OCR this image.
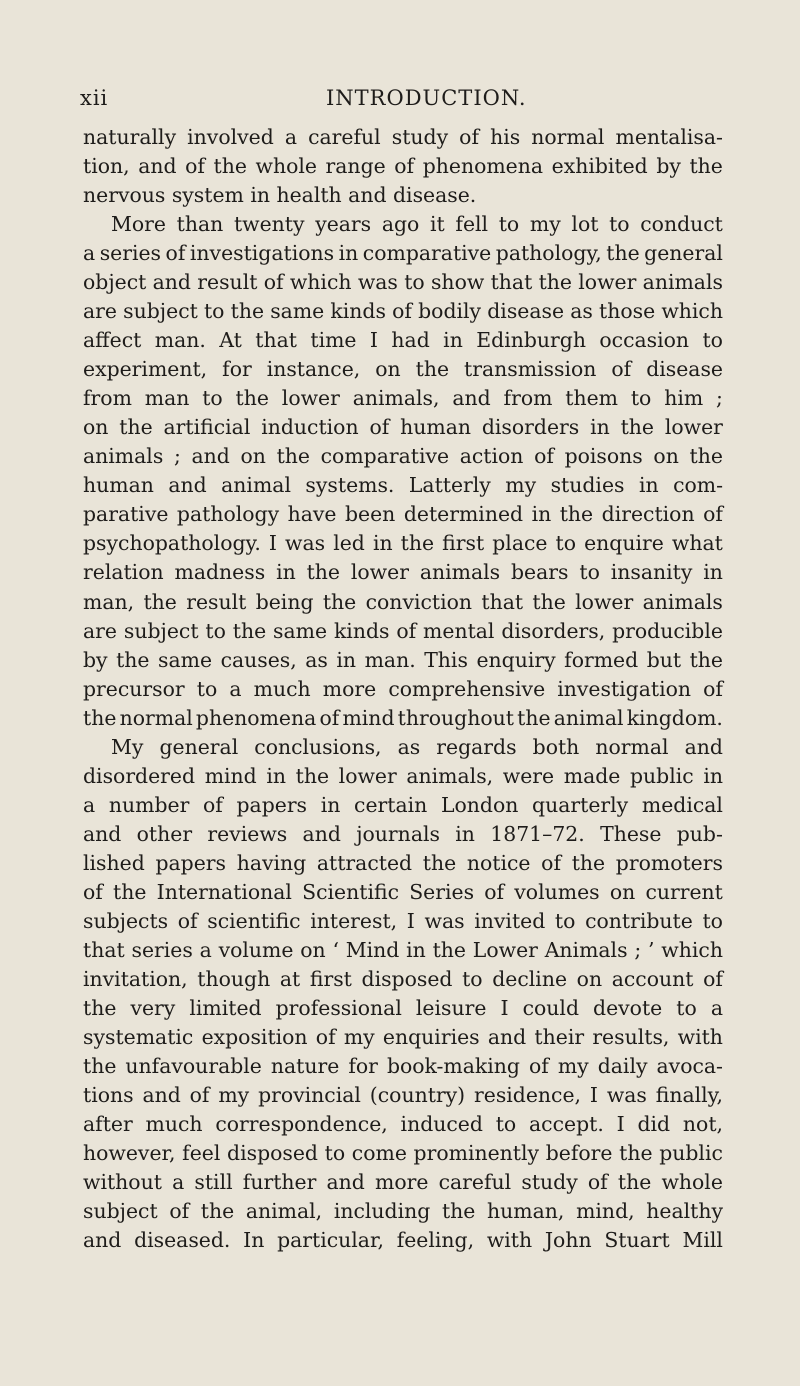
xii	INTRODUCTION.
naturally involved a careful study of his normal mentalisa-
tion, and of the whole range of phenomena exhibited by the
nervous system in health and disease.
More than twenty years ago it fell to my lot to conduct
a series of investigations in comparative pathology, the general
object and result of which was to show that the lower animals
are subject to the same kinds of bodily disease as those which
affect man. At that time I had in Edinburgh occasion to
experiment, for instance, on the transmission of disease
from man to the lower animals, and from them to him ;
on the artificial induction of human disorders in the lower
animals ; and on the comparative action of poisons on the
human and animal systems. Latterly my studies in com-
parative pathology have been determined in the direction of
psychopathology. I was led in the first place to enquire what
relation madness in the lower animals bears to insanity in
man, the result being the conviction that the lower animals
are subject to the same kinds of mental disorders, producible
by the same causes, as in man. This enquiry formed but the
precursor to a much more comprehensive investigation of
the normal phenomena of mind throughout the animal kingdom.
My general conclusions, as regards both normal and
disordered mind in the lower animals, were made public in
a number of papers in certain London quarterly medical
and other reviews and journals in 1871–72. These pub-
lished papers having attracted the notice of the promoters
of the International Scientific Series of volumes on current
subjects of scientific interest, I was invited to contribute to
that series a volume on ‘ Mind in the Lower Animals ; ’ which
invitation, though at first disposed to decline on account of
the very limited professional leisure I could devote to a
systematic exposition of my enquiries and their results, with
the unfavourable nature for book-making of my daily avoca-
tions and of my provincial (country) residence, I was finally,
after much correspondence, induced to accept. I did not,
however, feel disposed to come prominently before the public
without a still further and more careful study of the whole
subject of the animal, including the human, mind, healthy
and diseased. In particular, feeling, with John Stuart Mill
